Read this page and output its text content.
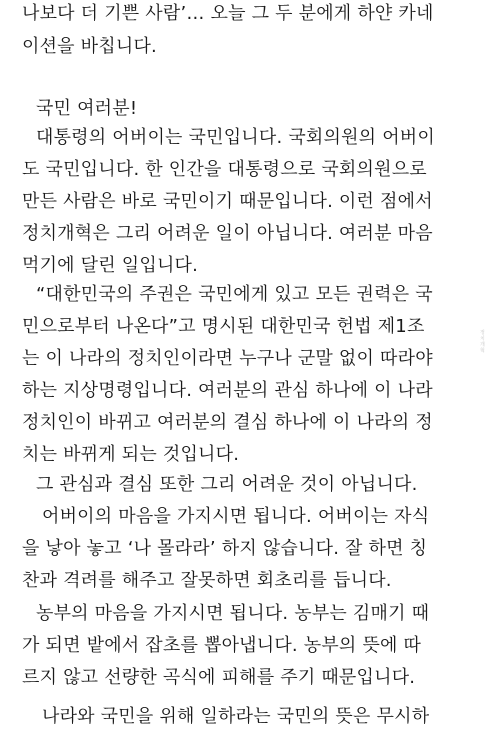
나보다 더 기쁜 사람’… 오늘 그 두 분에게 하얀 카네
이션을 바칩니다.
국민 여러분!
대통령의 어버이는 국민입니다. 국회의원의 어버이
도 국민입니다. 한 인간을 대통령으로 국회의원으로
만든 사람은 바로 국민이기 때문입니다. 이런 점에서
정치개혁은 그리 어려운 일이 아닙니다. 여러분 마음
먹기에 달린 일입니다.
“대한민국의 주권은 국민에게 있고 모든 권력은 국
민으로부터 나온다”고 명시된 대한민국 헌법 제1조
는 이 나라의 정치인이라면 누구나 군말 없이 따라야
하는 지상명령입니다. 여러분의 관심 하나에 이 나라
정치인이 바뀌고 여러분의 결심 하나에 이 나라의 정
치는 바뀌게 되는 것입니다.
그 관심과 결심 또한 그리 어려운 것이 아닙니다.
어버이의 마음을 가지시면 됩니다. 어버이는 자식
을 낳아 놓고 ‘나 몰라라’ 하지 않습니다. 잘 하면 칭
찬과 격려를 해주고 잘못하면 회초리를 듭니다.
농부의 마음을 가지시면 됩니다. 농부는 김매기 때
가 되면 밭에서 잡초를 뽑아냅니다. 농부의 뜻에 따
르지 않고 선량한 곡식에 피해를 주기 때문입니다.
나라와 국민을 위해 일하라는 국민의 뜻은 무시하
정치개혁
